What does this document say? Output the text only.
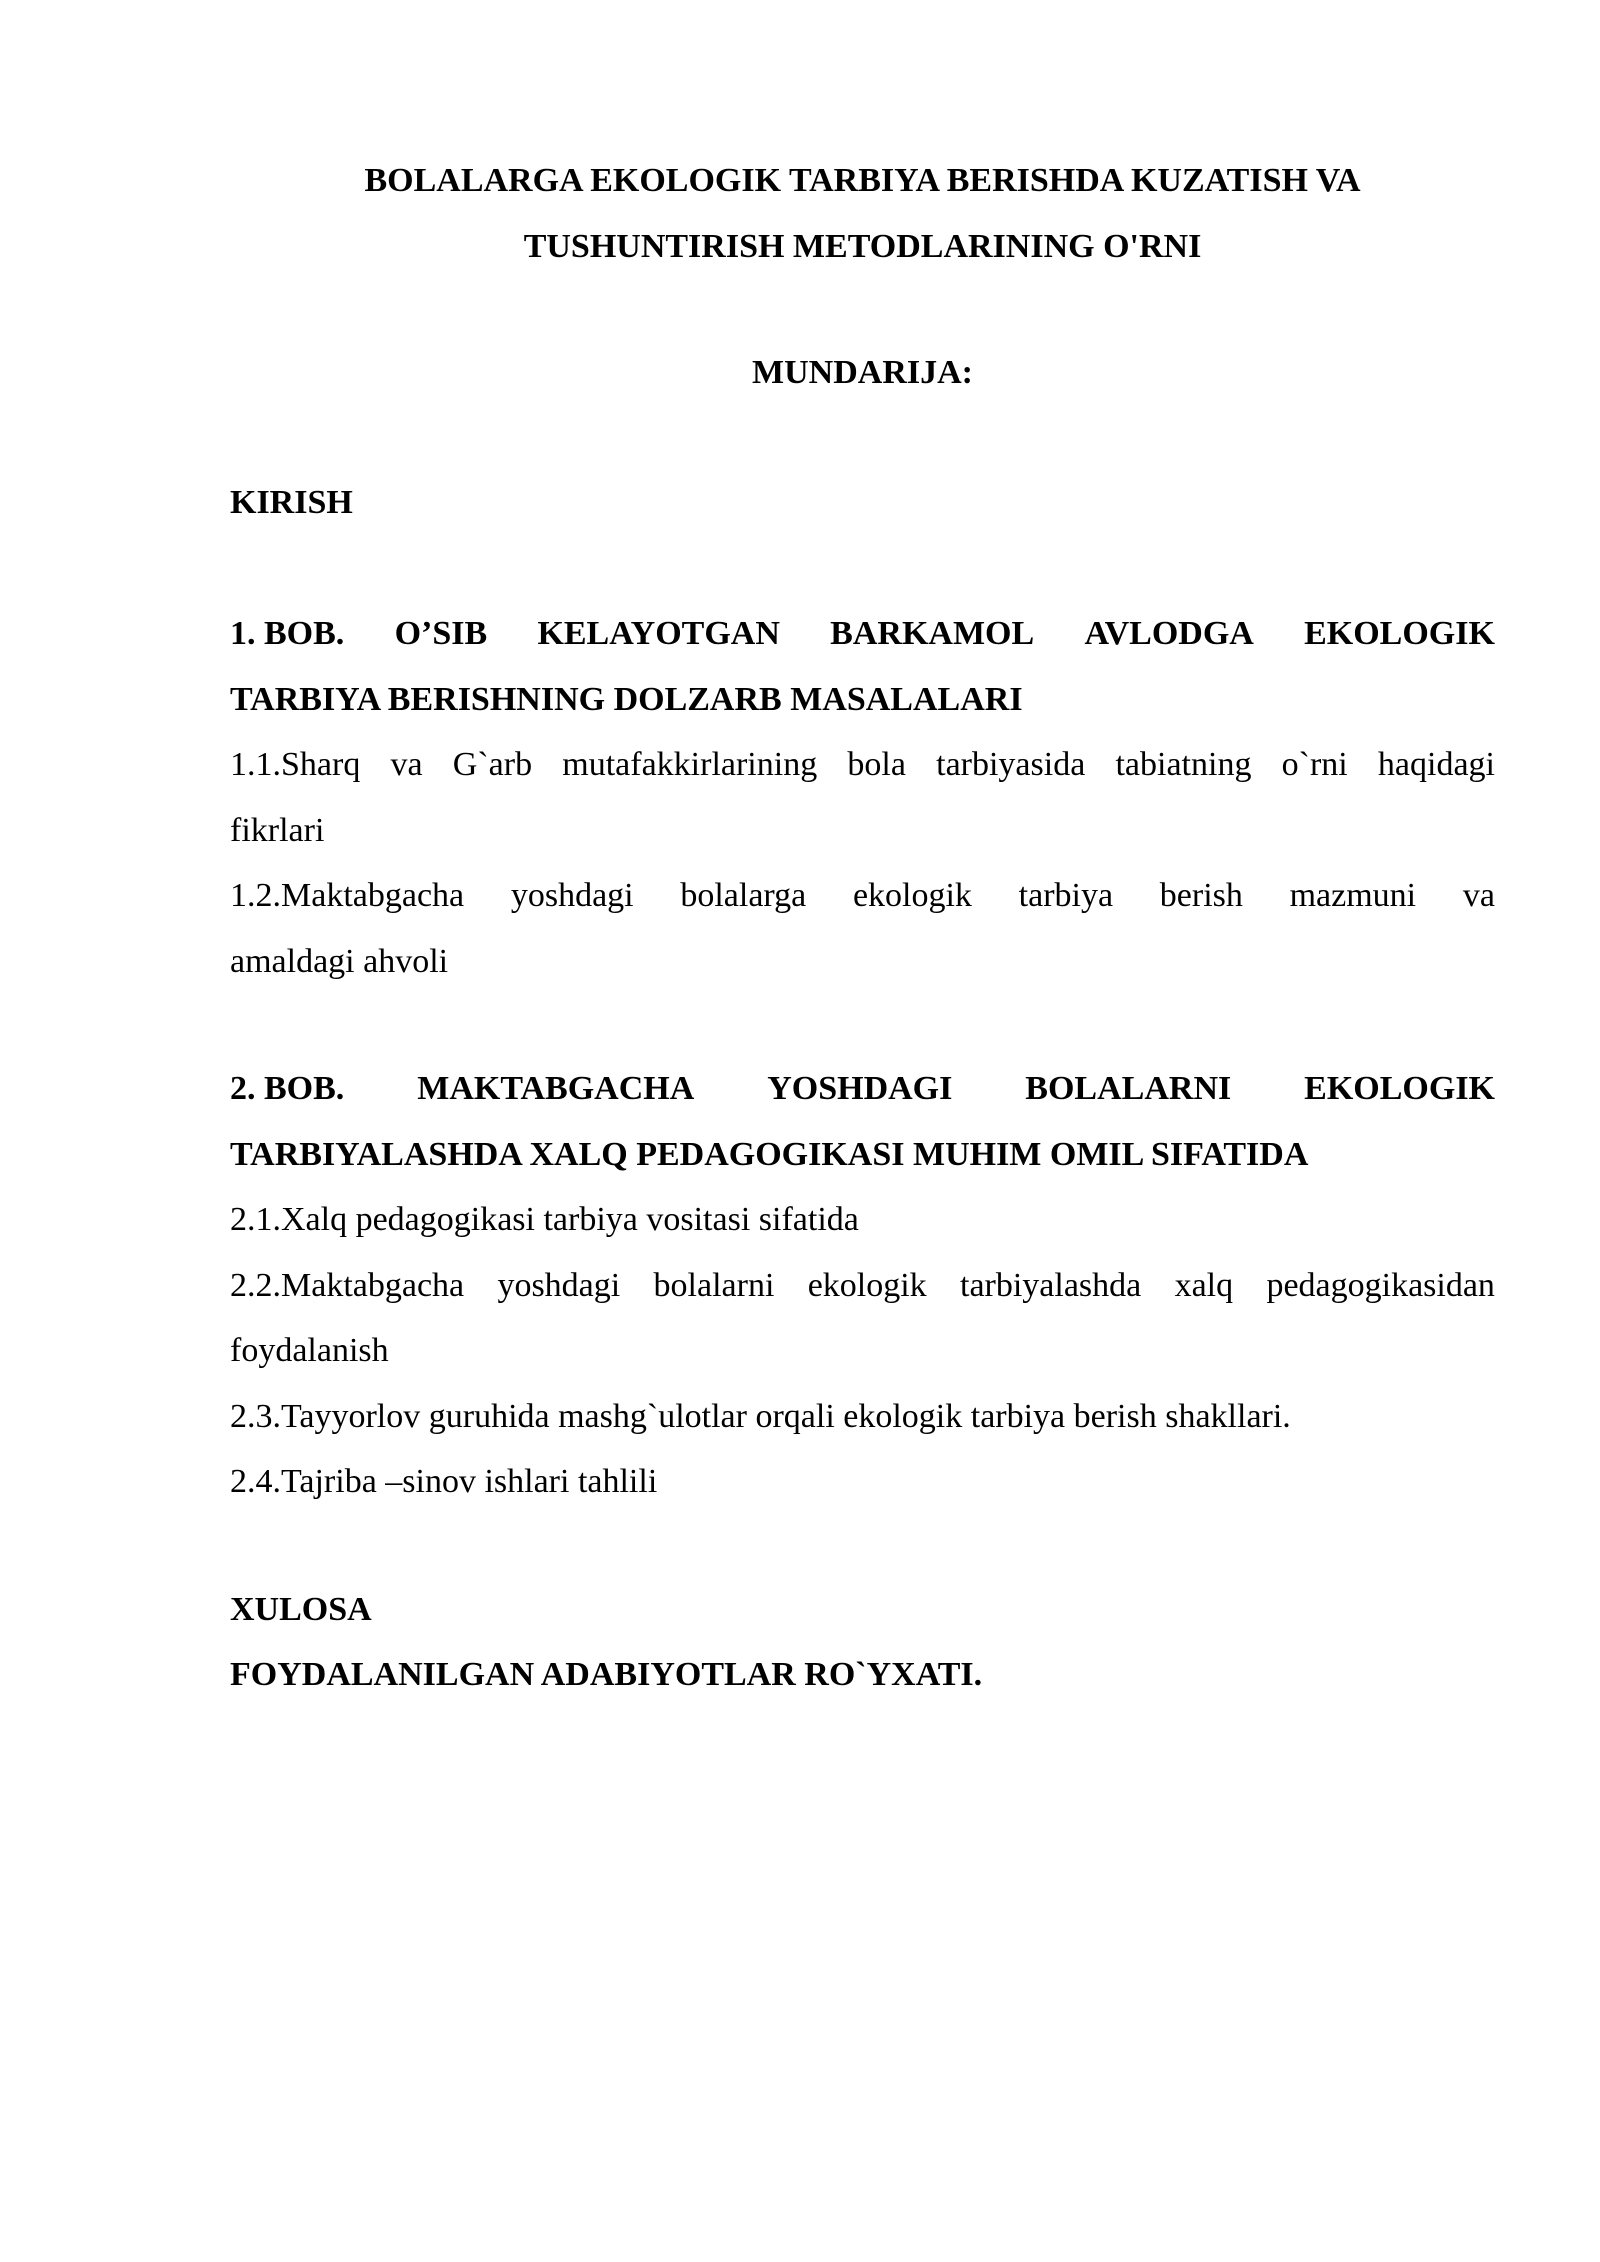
BOLALARGA EKOLOGIK TARBIYA BERISHDA KUZATISH VA
TUSHUNTIRISH METODLARINING O'RNI
MUNDARIJA:
KIRISH
1. BOB. O’SIB KELAYOTGAN BARKAMOL AVLODGA EKOLOGIK
TARBIYA BERISHNING DOLZARB MASALALARI
1.1.Sharq va G`arb mutafakkirlarining bola tarbiyasida tabiatning o`rni haqidagi
fikrlari
1.2.Maktabgacha yoshdagi bolalarga ekologik tarbiya berish mazmuni va
amaldagi ahvoli
2. BOB. MAKTABGACHA YOSHDAGI BOLALARNI EKOLOGIK
TARBIYALASHDA XALQ PEDAGOGIKASI MUHIM OMIL SIFATIDA
2.1.Xalq pedagogikasi tarbiya vositasi sifatida
2.2.Maktabgacha yoshdagi bolalarni ekologik tarbiyalashda xalq pedagogikasidan
foydalanish
2.3.Tayyorlov guruhida mashg`ulotlar orqali ekologik tarbiya berish shakllari.
2.4.Tajriba –sinov ishlari tahlili
XULOSA
FOYDALANILGAN ADABIYOTLAR RO`YXATI.
